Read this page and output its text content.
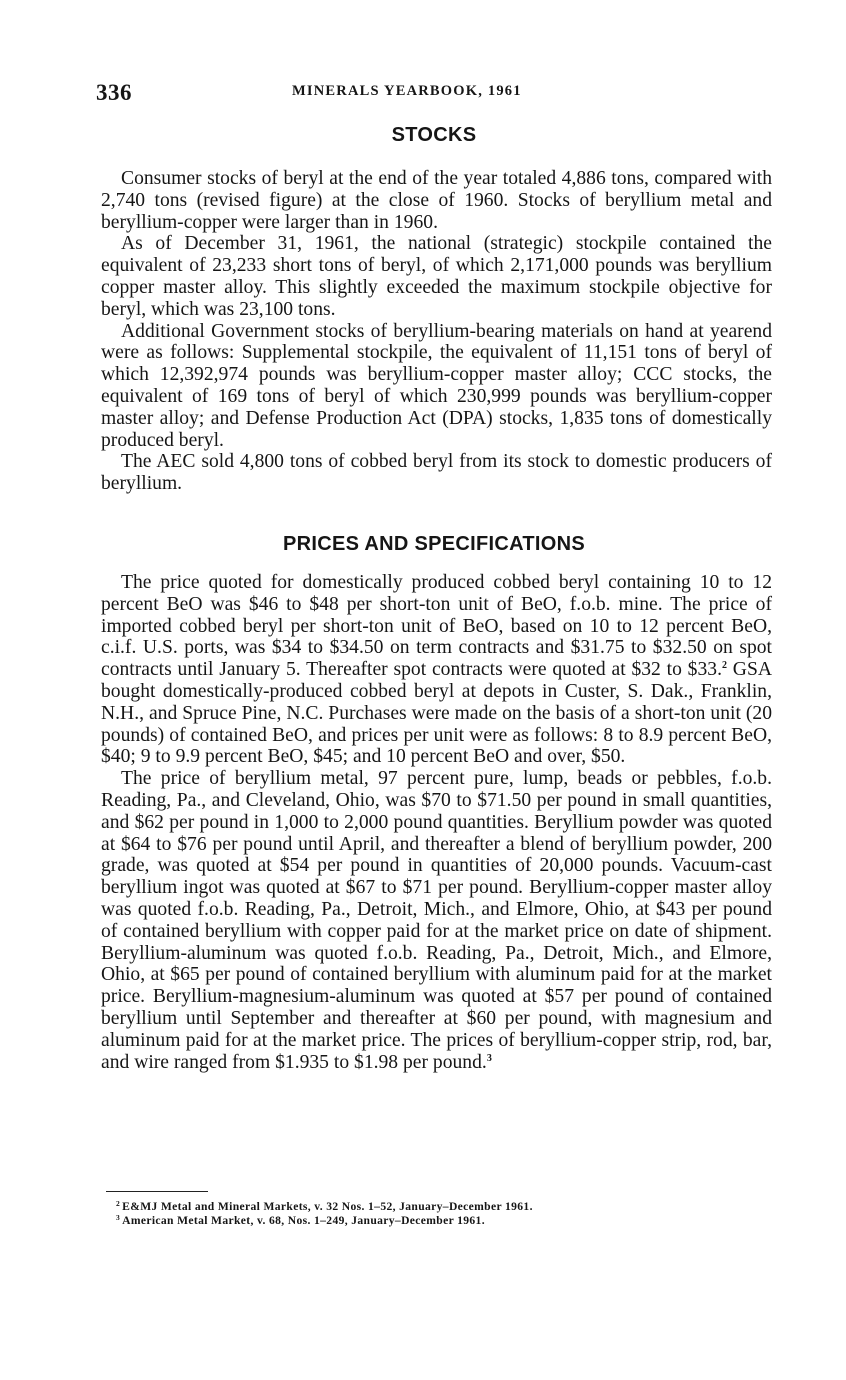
336	MINERALS YEARBOOK, 1961
STOCKS

Consumer stocks of beryl at the end of the year totaled 4,886 tons, compared with 2,740 tons (revised figure) at the close of 1960. Stocks of beryllium metal and beryllium-copper were larger than in 1960.

As of December 31, 1961, the national (strategic) stockpile contained the equivalent of 23,233 short tons of beryl, of which 2,171,000 pounds was beryllium copper master alloy. This slightly exceeded the maximum stockpile objective for beryl, which was 23,100 tons.

Additional Government stocks of beryllium-bearing materials on hand at yearend were as follows: Supplemental stockpile, the equivalent of 11,151 tons of beryl of which 12,392,974 pounds was beryllium-copper master alloy; CCC stocks, the equivalent of 169 tons of beryl of which 230,999 pounds was beryllium-copper master alloy; and Defense Production Act (DPA) stocks, 1,835 tons of domestically produced beryl.

The AEC sold 4,800 tons of cobbed beryl from its stock to domestic producers of beryllium.

PRICES AND SPECIFICATIONS

The price quoted for domestically produced cobbed beryl containing 10 to 12 percent BeO was $46 to $48 per short-ton unit of BeO, f.o.b. mine. The price of imported cobbed beryl per short-ton unit of BeO, based on 10 to 12 percent BeO, c.i.f. U.S. ports, was $34 to $34.50 on term contracts and $31.75 to $32.50 on spot contracts until January 5. Thereafter spot contracts were quoted at $32 to $33.$^2$ GSA bought domestically-produced cobbed beryl at depots in Custer, S. Dak., Franklin, N.H., and Spruce Pine, N.C. Purchases were made on the basis of a short-ton unit (20 pounds) of contained BeO, and prices per unit were as follows: 8 to 8.9 percent BeO, $40; 9 to 9.9 percent BeO, $45; and 10 percent BeO and over, $50.

The price of beryllium metal, 97 percent pure, lump, beads or pebbles, f.o.b. Reading, Pa., and Cleveland, Ohio, was $70 to $71.50 per pound in small quantities, and $62 per pound in 1,000 to 2,000 pound quantities. Beryllium powder was quoted at $64 to $76 per pound until April, and thereafter a blend of beryllium powder, 200 grade, was quoted at $54 per pound in quantities of 20,000 pounds. Vacuum-cast beryllium ingot was quoted at $67 to $71 per pound. Beryllium-copper master alloy was quoted f.o.b. Reading, Pa., Detroit, Mich., and Elmore, Ohio, at $43 per pound of contained beryllium with copper paid for at the market price on date of shipment. Beryllium-aluminum was quoted f.o.b. Reading, Pa., Detroit, Mich., and Elmore, Ohio, at $65 per pound of contained beryllium with aluminum paid for at the market price. Beryllium-magnesium-aluminum was quoted at $57 per pound of contained beryllium until September and thereafter at $60 per pound, with magnesium and aluminum paid for at the market price. The prices of beryllium-copper strip, rod, bar, and wire ranged from $1.935 to $1.98 per pound.$^3$

$^2$ E&MJ Metal and Mineral Markets, v. 32 Nos. 1–52, January–December 1961.

$^3$ American Metal Market, v. 68, Nos. 1–249, January–December 1961.
